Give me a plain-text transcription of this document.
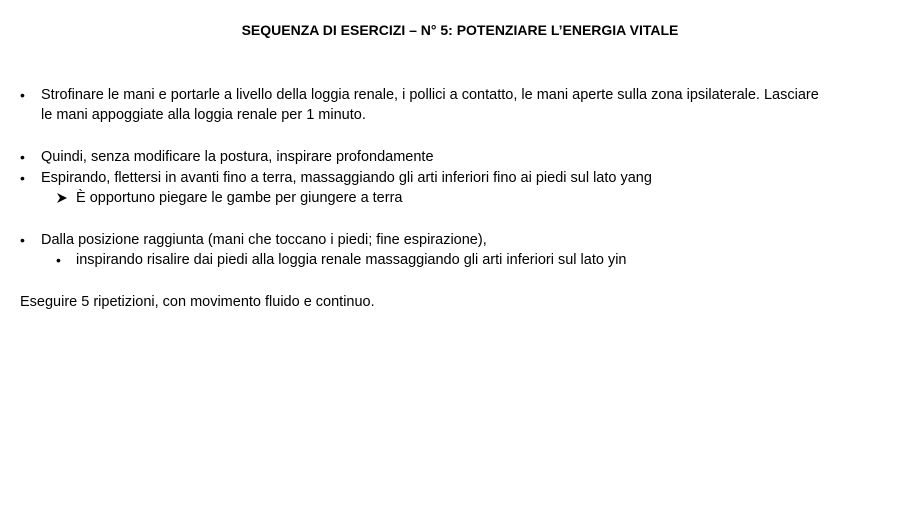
SEQUENZA DI ESERCIZI – N° 5: POTENZIARE L’ENERGIA VITALE
• Strofinare le mani e portarle a livello della loggia renale, i pollici a contatto, le mani aperte sulla zona ipsilaterale. Lasciare
le mani appoggiate alla loggia renale per 1 minuto.
• Quindi, senza modificare la postura, inspirare profondamente
• Espirando, flettersi in avanti fino a terra, massaggiando gli arti inferiori fino ai piedi sul lato yang
È opportuno piegare le gambe per giungere a terra
• Dalla posizione raggiunta (mani che toccano i piedi; fine espirazione),
• inspirando risalire dai piedi alla loggia renale massaggiando gli arti inferiori sul lato yin
Eseguire 5 ripetizioni, con movimento fluido e continuo.
